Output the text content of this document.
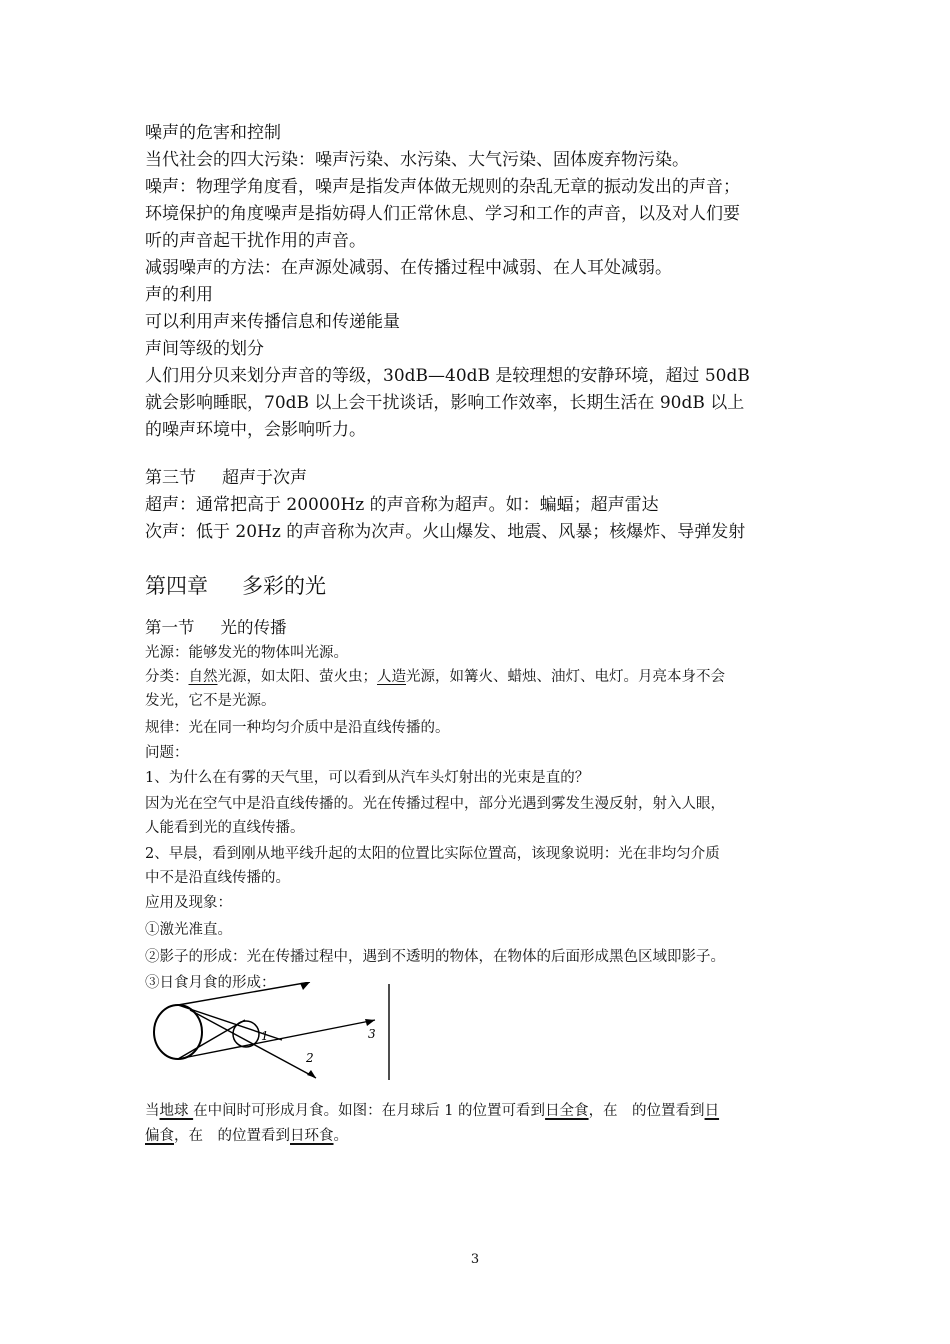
噪声的危害和控制
当代社会的四大污染：噪声污染、水污染、大气污染、固体废弃物污染。
噪声：物理学角度看，噪声是指发声体做无规则的杂乱无章的振动发出的声音；
环境保护的角度噪声是指妨碍人们正常休息、学习和工作的声音，以及对人们要
听的声音起干扰作用的声音。
减弱噪声的方法：在声源处减弱、在传播过程中减弱、在人耳处减弱。
声的利用
可以利用声来传播信息和传递能量
声间等级的划分
人们用分贝来划分声音的等级，30dB—40dB 是较理想的安静环境，超过 50dB
就会影响睡眠，70dB 以上会干扰谈话，影响工作效率，长期生活在 90dB 以上
的噪声环境中，会影响听力。
第三节 超声于次声
超声：通常把高于 20000Hz 的声音称为超声。如：蝙蝠；超声雷达
次声：低于 20Hz 的声音称为次声。火山爆发、地震、风暴；核爆炸、导弹发射
第四章 多彩的光
第一节 光的传播
光源：能够发光的物体叫光源。
分类：自然光源，如太阳、萤火虫；人造光源，如篝火、蜡烛、油灯、电灯。月亮本身不会
发光，它不是光源。
规律：光在同一种均匀介质中是沿直线传播的。
问题：
1、为什么在有雾的天气里，可以看到从汽车头灯射出的光束是直的？
因为光在空气中是沿直线传播的。光在传播过程中，部分光遇到雾发生漫反射，射入人眼，
人能看到光的直线传播。
2、早晨，看到刚从地平线升起的太阳的位置比实际位置高，该现象说明：光在非均匀介质
中不是沿直线传播的。
应用及现象：
①激光准直。
②影子的形成：光在传播过程中，遇到不透明的物体，在物体的后面形成黑色区域即影子。
③日食月食的形成：
1
2
3
当地球 在中间时可形成月食。如图：在月球后 1 的位置可看到日全食，在　的位置看到日
偏食，在　的位置看到日环食。
3
